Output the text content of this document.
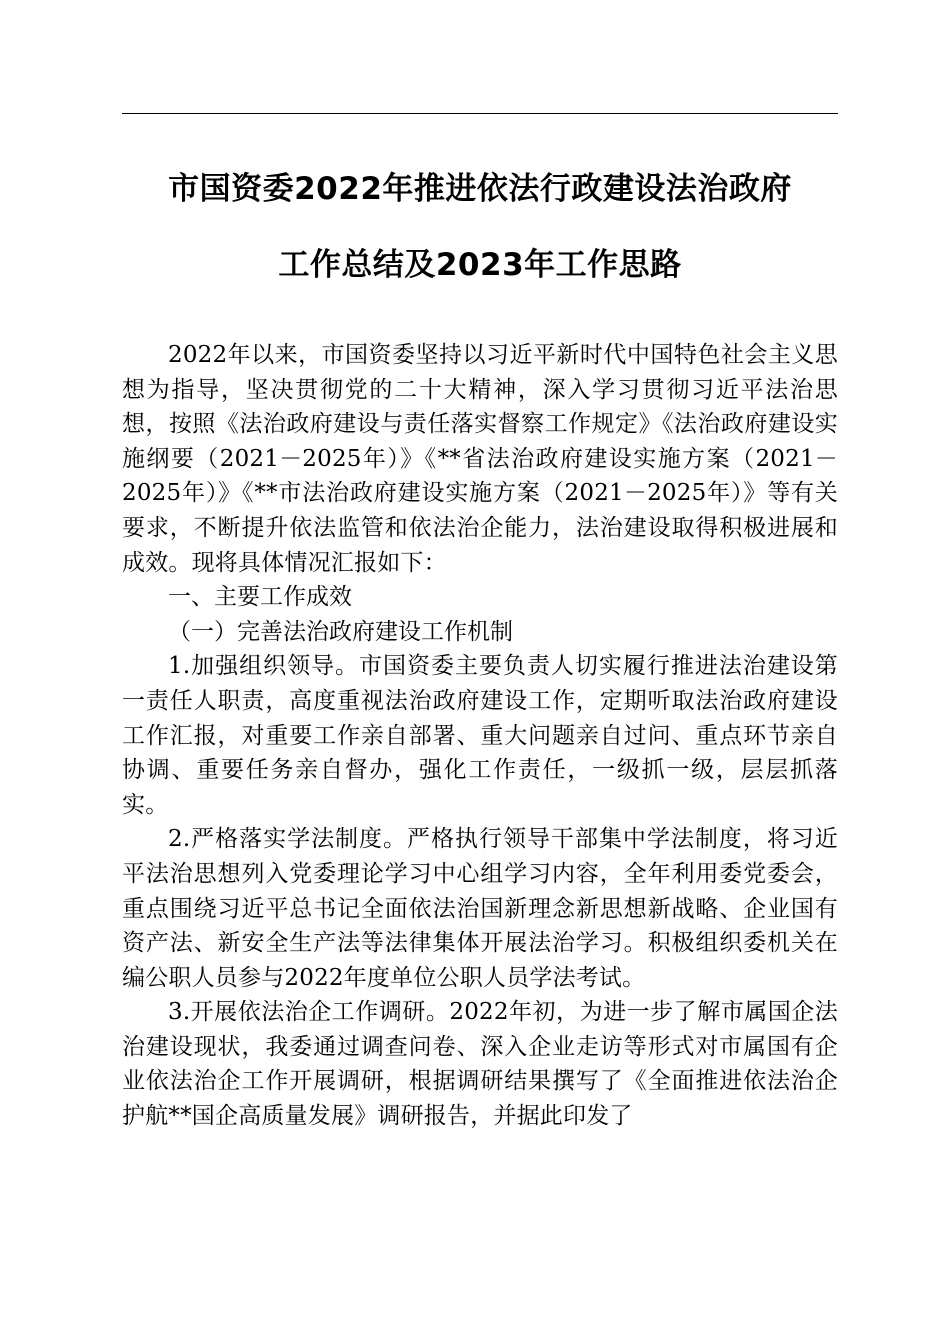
市国资委2022年推进依法行政建设法治政府
工作总结及2023年工作思路

2022年以来，市国资委坚持以习近平新时代中国特色社会主义思想为指导，坚决贯彻党的二十大精神，深入学习贯彻习近平法治思想，按照《法治政府建设与责任落实督察工作规定》《法治政府建设实施纲要（2021－2025年）》《**省法治政府建设实施方案（2021－2025年）》《**市法治政府建设实施方案（2021－2025年）》等有关要求，不断提升依法监管和依法治企能力，法治建设取得积极进展和成效。现将具体情况汇报如下：

一、主要工作成效

（一）完善法治政府建设工作机制

1.加强组织领导。市国资委主要负责人切实履行推进法治建设第一责任人职责，高度重视法治政府建设工作，定期听取法治政府建设工作汇报，对重要工作亲自部署、重大问题亲自过问、重点环节亲自协调、重要任务亲自督办，强化工作责任，一级抓一级，层层抓落实。

2.严格落实学法制度。严格执行领导干部集中学法制度，将习近平法治思想列入党委理论学习中心组学习内容，全年利用委党委会，重点围绕习近平总书记全面依法治国新理念新思想新战略、企业国有资产法、新安全生产法等法律集体开展法治学习。积极组织委机关在编公职人员参与2022年度单位公职人员学法考试。

3.开展依法治企工作调研。2022年初，为进一步了解市属国企法治建设现状，我委通过调查问卷、深入企业走访等形式对市属国有企业依法治企工作开展调研，根据调研结果撰写了《全面推进依法治企护航**国企高质量发展》调研报告，并据此印发了
